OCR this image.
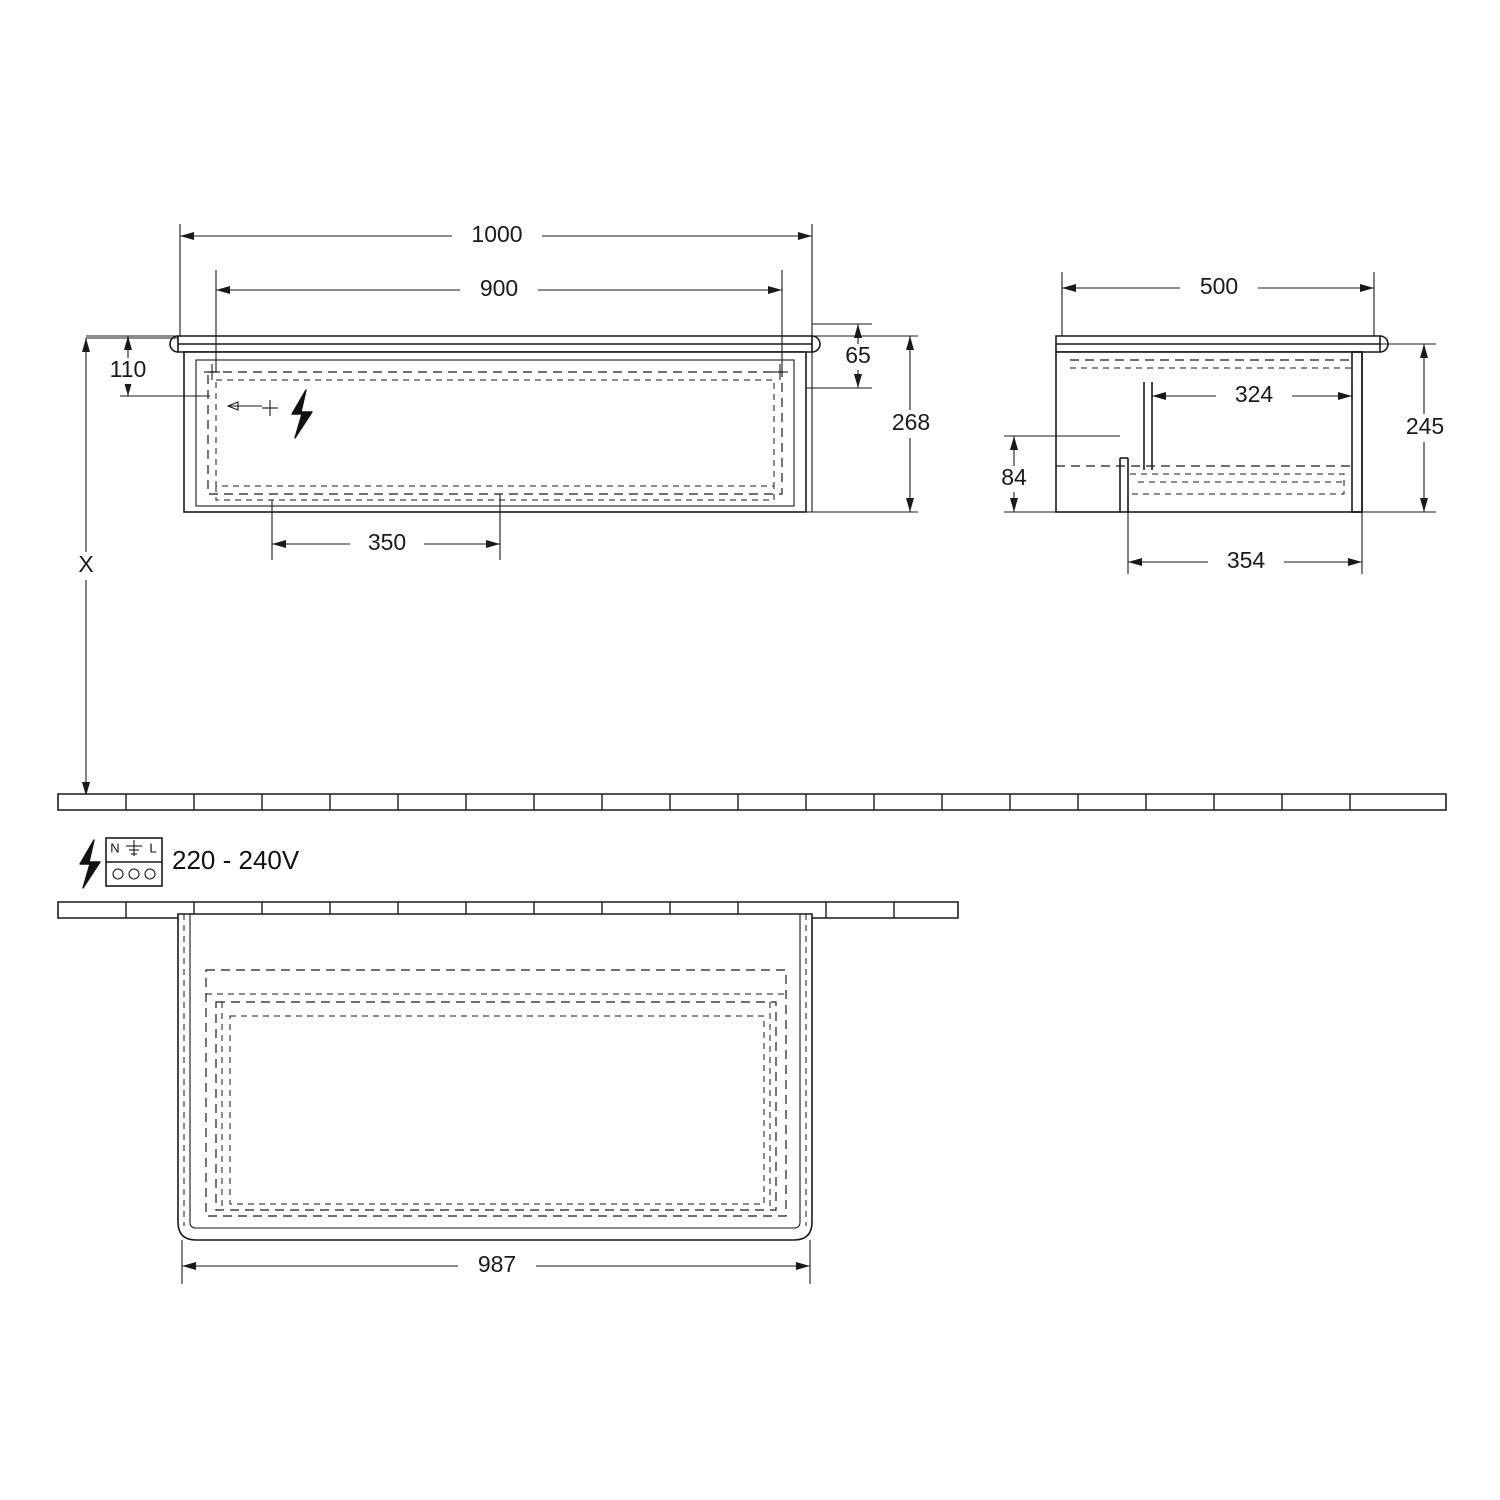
1000
900
350
110
65
268
X
500
324
354
245
84
N L 220 - 240V
987
